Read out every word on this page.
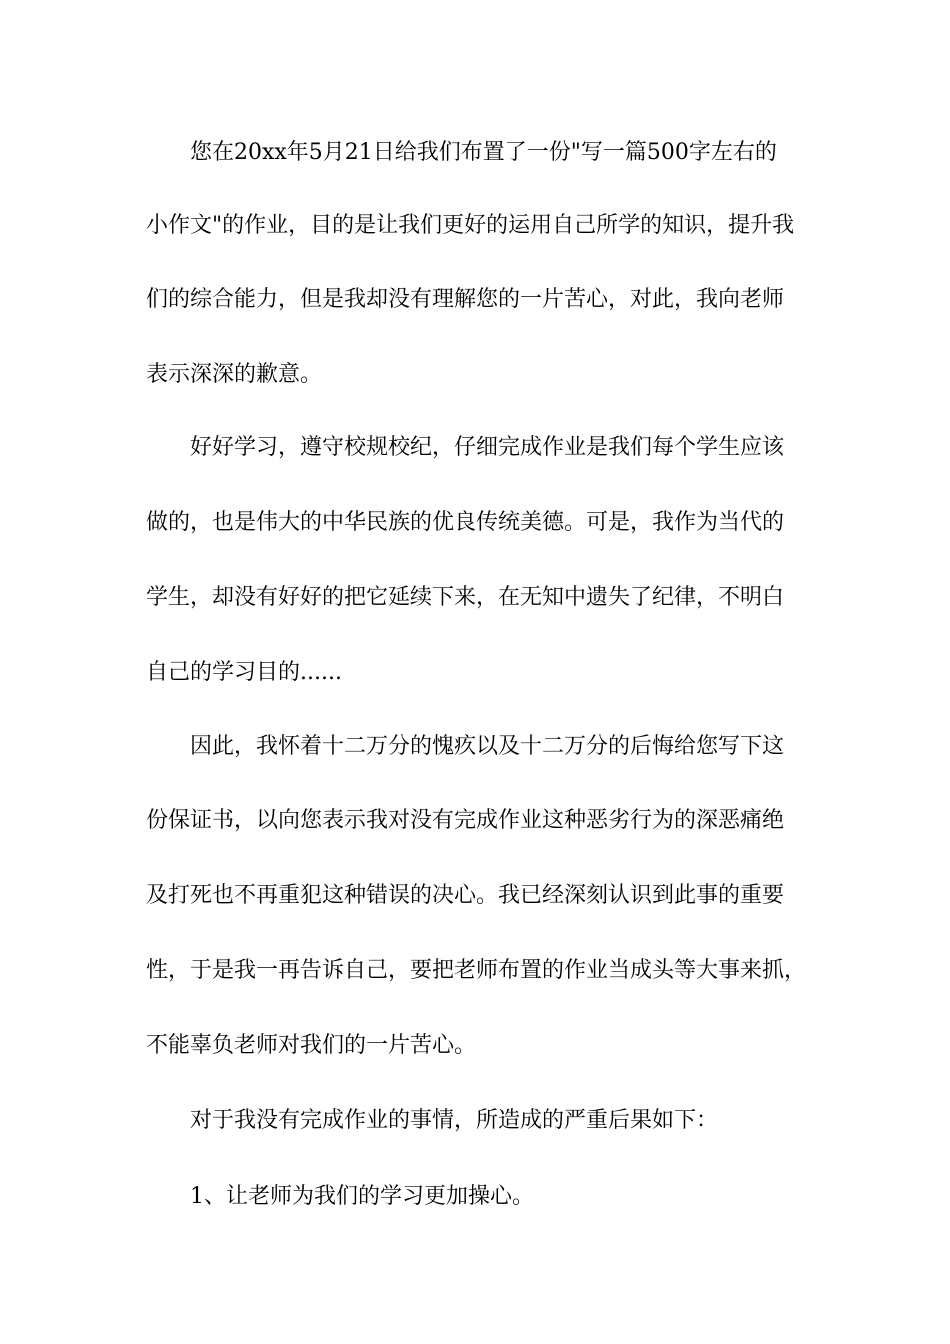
您在20xx年5月21日给我们布置了一份"写一篇500字左右的
小作文"的作业，目的是让我们更好的运用自己所学的知识，提升我
们的综合能力，但是我却没有理解您的一片苦心，对此，我向老师
表示深深的歉意。
好好学习，遵守校规校纪，仔细完成作业是我们每个学生应该
做的，也是伟大的中华民族的优良传统美德。可是，我作为当代的
学生，却没有好好的把它延续下来，在无知中遗失了纪律，不明白
自己的学习目的......
因此，我怀着十二万分的愧疚以及十二万分的后悔给您写下这
份保证书，以向您表示我对没有完成作业这种恶劣行为的深恶痛绝
及打死也不再重犯这种错误的决心。我已经深刻认识到此事的重要
性，于是我一再告诉自己，要把老师布置的作业当成头等大事来抓，
不能辜负老师对我们的一片苦心。
对于我没有完成作业的事情，所造成的严重后果如下：
1、让老师为我们的学习更加操心。
